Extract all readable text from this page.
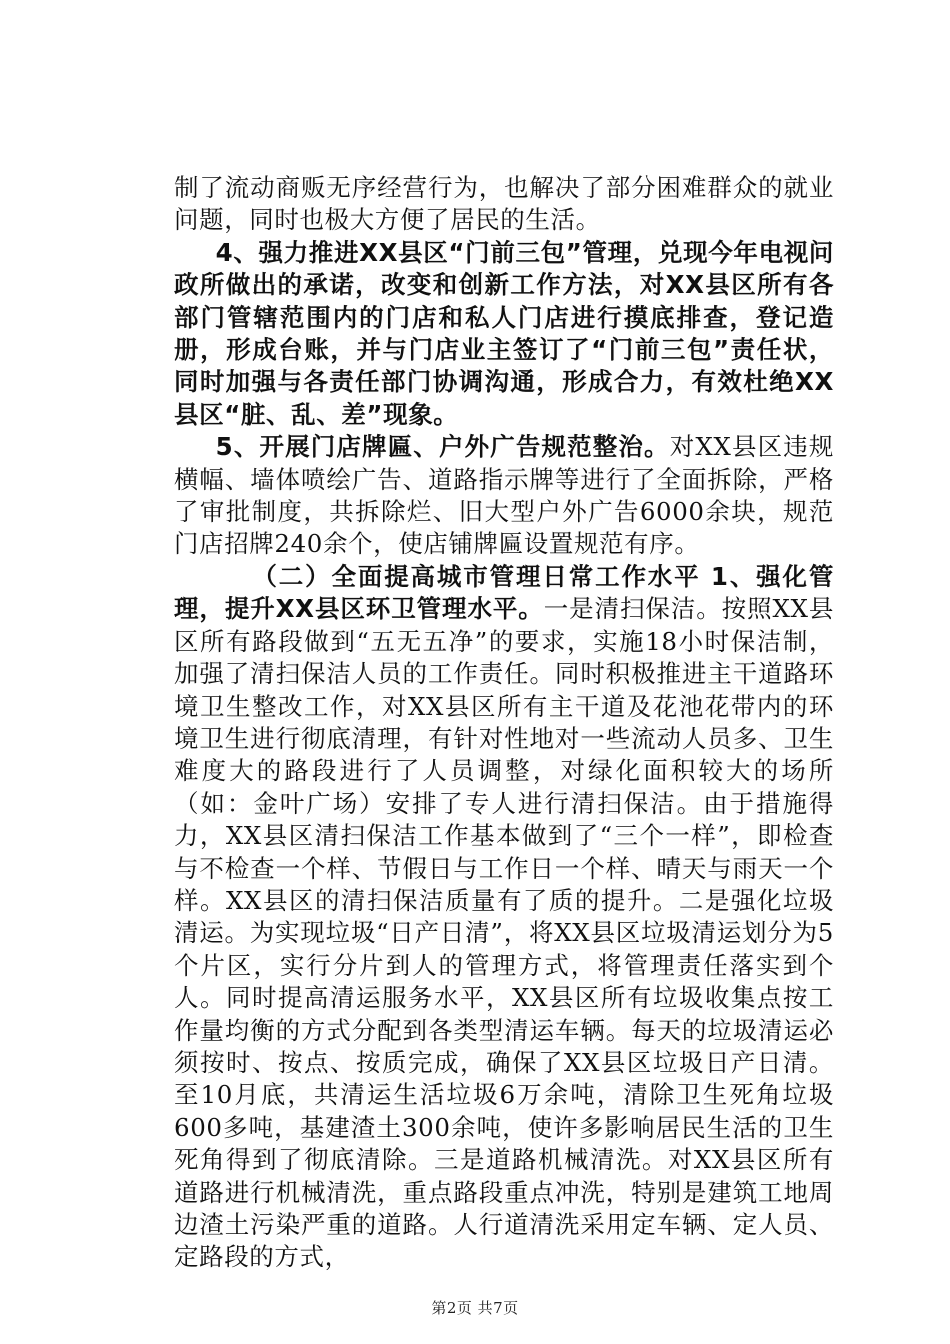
制了流动商贩无序经营行为，也解决了部分困难群众的就业问题，同时也极大方便了居民的生活。

4、强力推进XX县区“门前三包”管理，兑现今年电视问政所做出的承诺，改变和创新工作方法，对XX县区所有各部门管辖范围内的门店和私人门店进行摸底排查，登记造册，形成台账，并与门店业主签订了“门前三包”责任状，同时加强与各责任部门协调沟通，形成合力，有效杜绝XX县区“脏、乱、差”现象。

5、开展门店牌匾、户外广告规范整治。对XX县区违规横幅、墙体喷绘广告、道路指示牌等进行了全面拆除，严格了审批制度，共拆除烂、旧大型户外广告6000余块，规范门店招牌240余个，使店铺牌匾设置规范有序。

（二）全面提高城市管理日常工作水平 1、强化管理，提升XX县区环卫管理水平。一是清扫保洁。按照XX县区所有路段做到“五无五净”的要求，实施18小时保洁制，加强了清扫保洁人员的工作责任。同时积极推进主干道路环境卫生整改工作，对XX县区所有主干道及花池花带内的环境卫生进行彻底清理，有针对性地对一些流动人员多、卫生难度大的路段进行了人员调整，对绿化面积较大的场所（如：金叶广场）安排了专人进行清扫保洁。由于措施得力，XX县区清扫保洁工作基本做到了“三个一样”，即检查与不检查一个样、节假日与工作日一个样、晴天与雨天一个样。XX县区的清扫保洁质量有了质的提升。二是强化垃圾清运。为实现垃圾“日产日清”，将XX县区垃圾清运划分为5个片区，实行分片到人的管理方式，将管理责任落实到个人。同时提高清运服务水平，XX县区所有垃圾收集点按工作量均衡的方式分配到各类型清运车辆。每天的垃圾清运必须按时、按点、按质完成，确保了XX县区垃圾日产日清。至10月底，共清运生活垃圾6万余吨，清除卫生死角垃圾600多吨，基建渣土300余吨，使许多影响居民生活的卫生死角得到了彻底清除。三是道路机械清洗。对XX县区所有道路进行机械清洗，重点路段重点冲洗，特别是建筑工地周边渣土污染严重的道路。人行道清洗采用定车辆、定人员、定路段的方式，

第2页 共7页
